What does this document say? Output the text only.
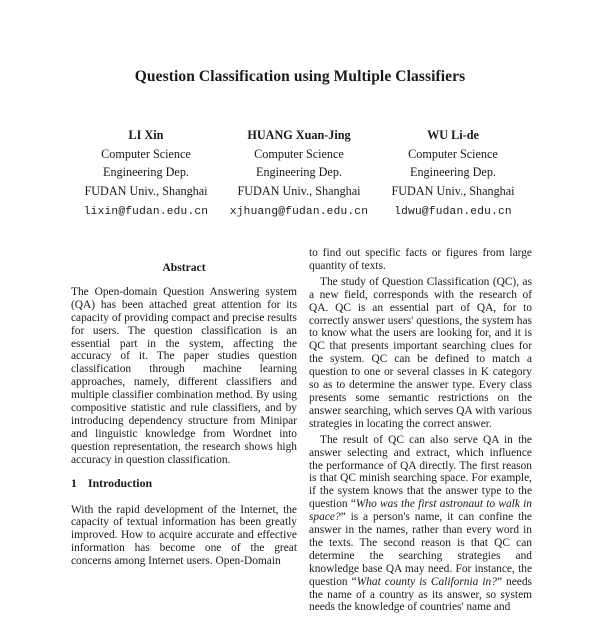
Question Classification using Multiple Classifiers
LI Xin
Computer Science
Engineering Dep.
FUDAN Univ., Shanghai
lixin@fudan.edu.cn
HUANG Xuan-Jing
Computer Science
Engineering Dep.
FUDAN Univ., Shanghai
xjhuang@fudan.edu.cn
WU Li-de
Computer Science
Engineering Dep.
FUDAN Univ., Shanghai
ldwu@fudan.edu.cn
Abstract
The Open-domain Question Answering system (QA) has been attached great attention for its capacity of providing compact and precise results for users. The question classification is an essential part in the system, affecting the accuracy of it. The paper studies question classification through machine learning approaches, namely, different classifiers and multiple classifier combination method. By using compositive statistic and rule classifiers, and by introducing dependency structure from Minipar and linguistic knowledge from Wordnet into question representation, the research shows high accuracy in question classification.
1 Introduction
With the rapid development of the Internet, the capacity of textual information has been greatly improved. How to acquire accurate and effective information has become one of the great concerns among Internet users. Open-Domain
to find out specific facts or figures from large quantity of texts.
The study of Question Classification (QC), as a new field, corresponds with the research of QA. QC is an essential part of QA, for to correctly answer users' questions, the system has to know what the users are looking for, and it is QC that presents important searching clues for the system. QC can be defined to match a question to one or several classes in K category so as to determine the answer type. Every class presents some semantic restrictions on the answer searching, which serves QA with various strategies in locating the correct answer.
The result of QC can also serve QA in the answer selecting and extract, which influence the performance of QA directly. The first reason is that QC minish searching space. For example, if the system knows that the answer type to the question “Who was the first astronaut to walk in space?” is a person's name, it can confine the answer in the names, rather than every word in the texts. The second reason is that QC can determine the searching strategies and knowledge base QA may need. For instance, the question “What county is California in?” needs the name of a country as its answer, so system needs the knowledge of countries' name and
